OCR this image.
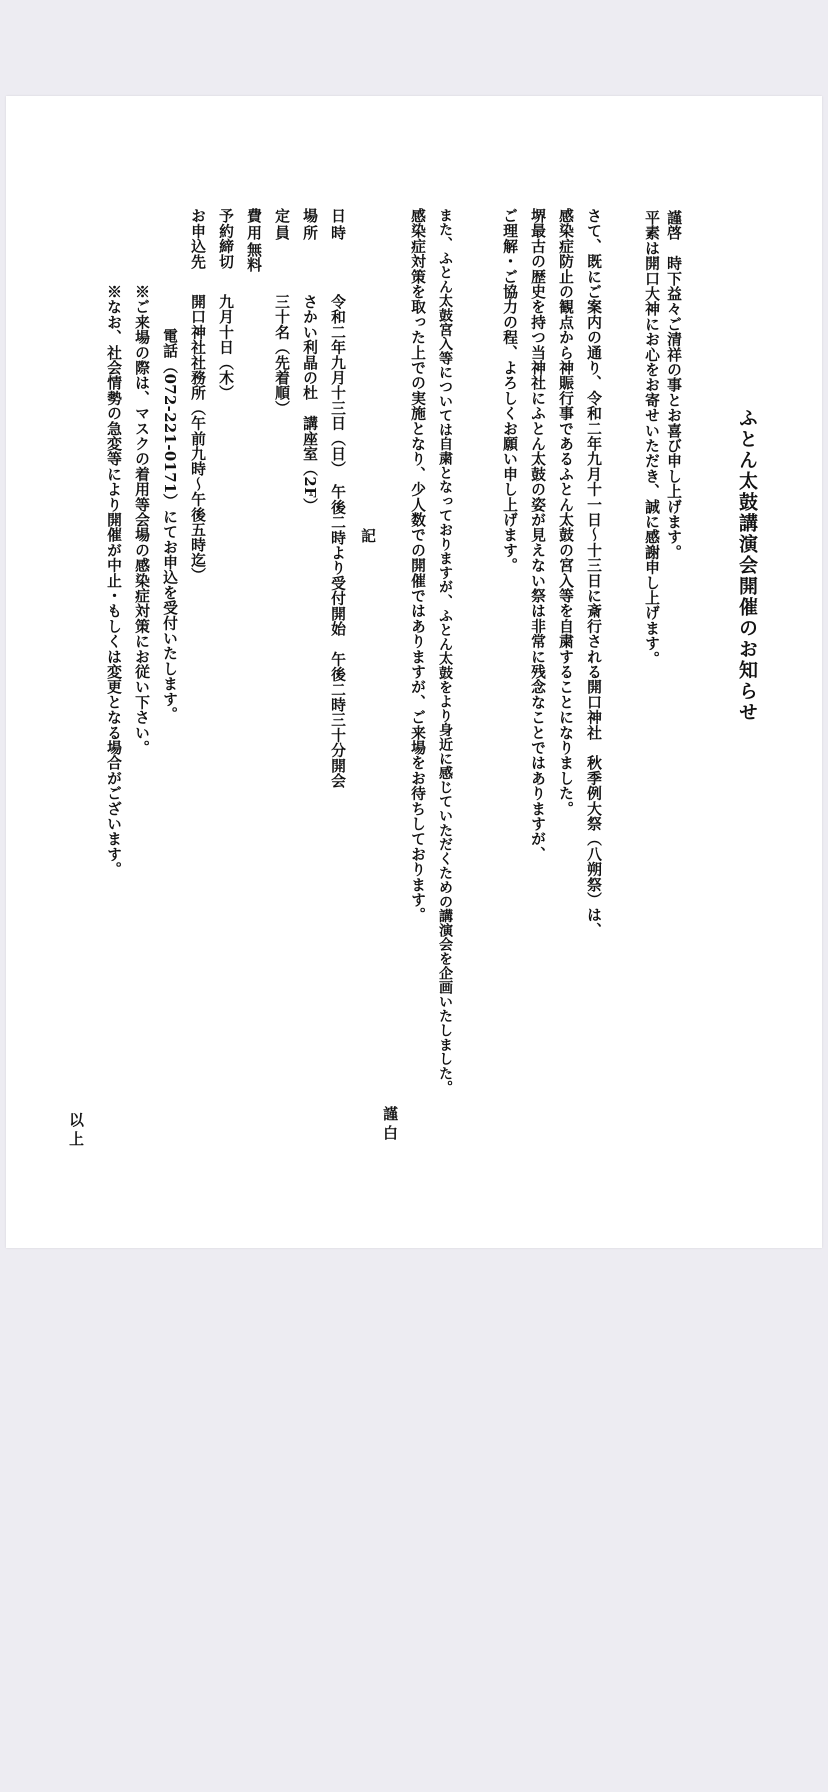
ふとん太鼓講演会開催のお知らせ
謹啓　時下益々ご清祥の事とお喜び申し上げます。
平素は開口大神にお心をお寄せいただき、誠に感謝申し上げます。
さて、既にご案内の通り、令和二年九月十一日〜十三日に斎行される開口神社　秋季例大祭（八朔祭）は、
感染症防止の観点から神賑行事であるふとん太鼓の宮入等を自粛することになりました。
堺最古の歴史を持つ当神社にふとん太鼓の姿が見えない祭は非常に残念なことではありますが、
ご理解・ご協力の程、よろしくお願い申し上げます。
また、ふとん太鼓宮入等については自粛となっておりますが、ふとん太鼓をより身近に感じていただくための講演会を企画いたしました。
感染症対策を取った上での実施となり、少人数での開催ではありますが、ご来場をお待ちしております。
謹白
記
日時
場所
定員
費用
予約締切
お申込先
令和二年九月十三日（日）　午後二時より受付開始　午後二時三十分開会
さかい利晶の杜　講座室（2F）
三十名（先着順）
無料
九月十日（木）
開口神社社務所（午前九時〜午後五時迄）
電話（072-221-0171）にてお申込を受付いたします。
※ご来場の際は、マスクの着用等会場の感染症対策にお従い下さい。
※なお、社会情勢の急変等により開催が中止・もしくは変更となる場合がございます。
以上
